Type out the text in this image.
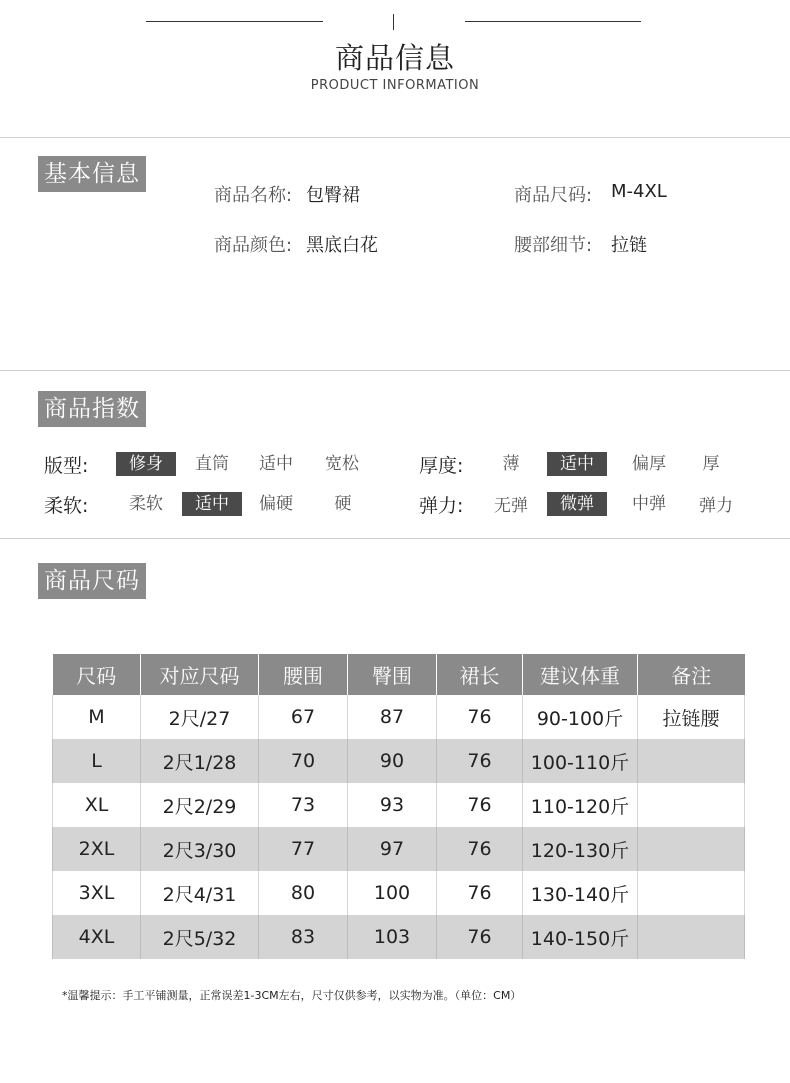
商品信息
PRODUCT INFORMATION
基本信息
商品名称: 包臀裙	商品尺码: M-4XL
商品颜色: 黑底白花	腰部细节: 拉链
商品指数
版型:	修身	直筒	适中	宽松	厚度:	薄	适中	偏厚	厚
柔软:	柔软	适中	偏硬	硬	弹力:	无弹	微弹	中弹	弹力
商品尺码
尺码	对应尺码	腰围	臀围	裙长	建议体重	备注
M	2尺/27	67	87	76	90-100斤	拉链腰
L	2尺1/28	70	90	76	100-110斤	
XL	2尺2/29	73	93	76	110-120斤	
2XL	2尺3/30	77	97	76	120-130斤	
3XL	2尺4/31	80	100	76	130-140斤	
4XL	2尺5/32	83	103	76	140-150斤	
*温馨提示：手工平铺测量，正常误差1-3CM左右，尺寸仅供参考，以实物为准。（单位：CM）
